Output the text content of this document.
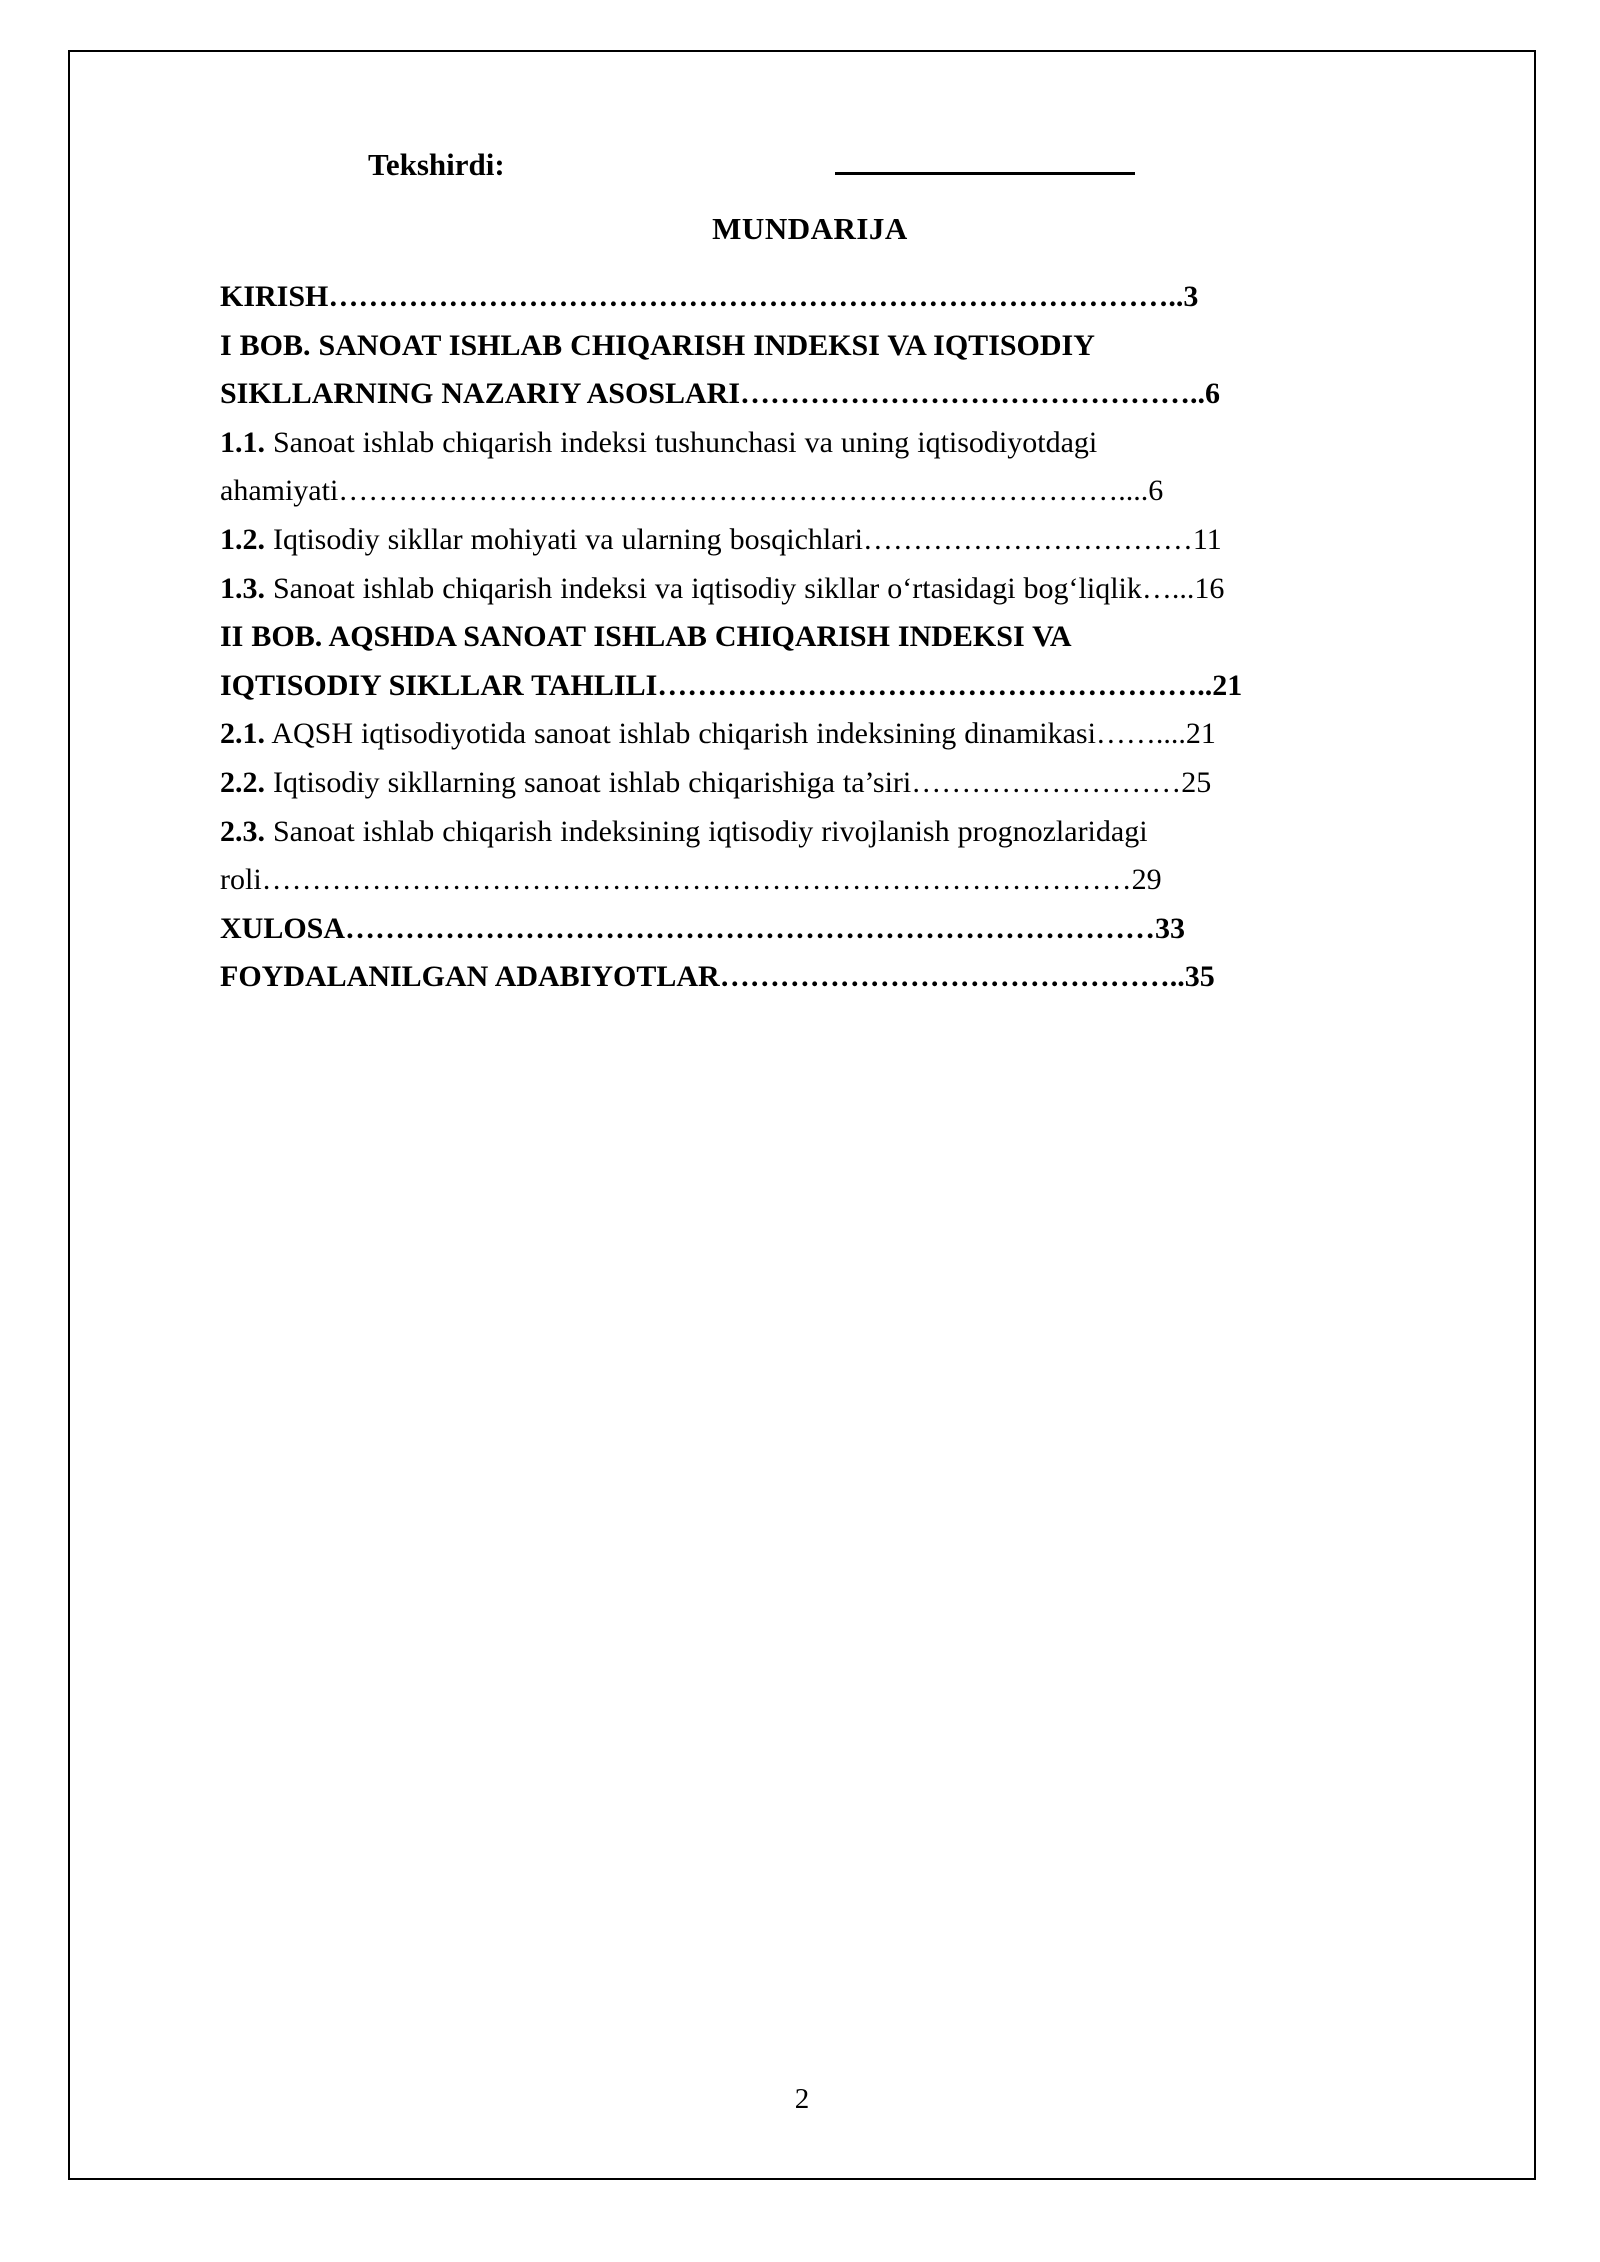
Tekshirdi:
MUNDARIJA

KIRISH…………………………………………………………………………..3

I BOB. SANOAT ISHLAB CHIQARISH INDEKSI VA IQTISODIY

SIKLLARNING NAZARIY ASOSLARI………………………………………..6

1.1. Sanoat ishlab chiqarish indeksi tushunchasi va uning iqtisodiyotdagi

ahamiyati……………………………………………………………………....6

1.2. Iqtisodiy sikllar mohiyati va ularning bosqichlari……………………………11

1.3. Sanoat ishlab chiqarish indeksi va iqtisodiy sikllar o‘rtasidagi bog‘liqlik…...16

II BOB. AQSHDA SANOAT ISHLAB CHIQARISH INDEKSI VA

IQTISODIY SIKLLAR TAHLILI………………………………………………..21

2.1. AQSH iqtisodiyotida sanoat ishlab chiqarish indeksining dinamikasi……....21

2.2. Iqtisodiy sikllarning sanoat ishlab chiqarishiga ta’siri………………………25

2.3. Sanoat ishlab chiqarish indeksining iqtisodiy rivojlanish prognozlaridagi

roli……………………………………………………………………………29

XULOSA………………………………………………………………………33

FOYDALANILGAN ADABIYOTLAR………………………………………..35

2
